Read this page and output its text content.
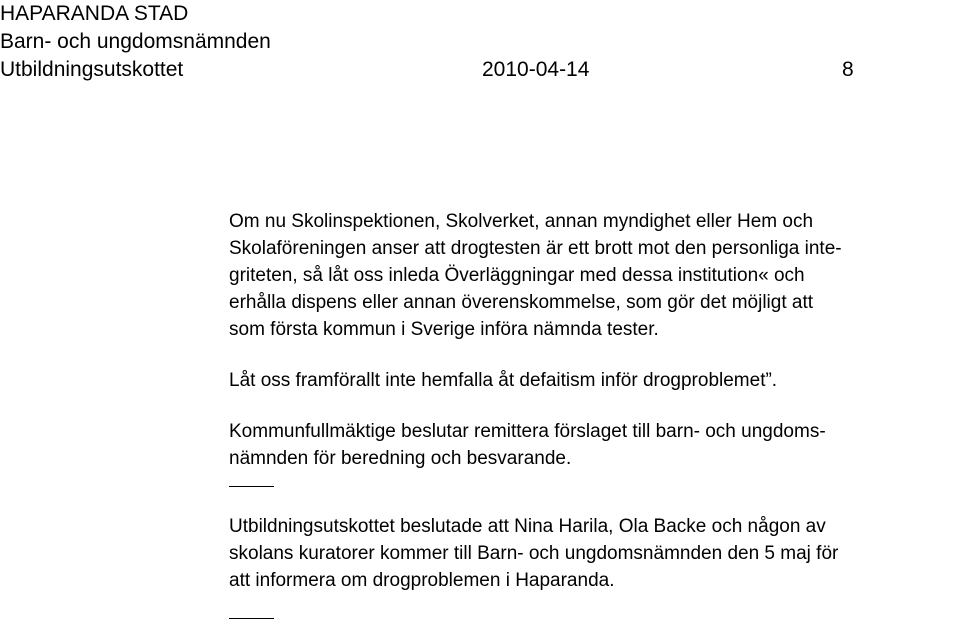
HAPARANDA STAD
Barn- och ungdomsnämnden
Utbildningsutskottet	2010-04-14	8

Om nu Skolinspektionen, Skolverket, annan myndighet eller Hem och
Skolaföreningen anser att drogtesten är ett brott mot den personliga inte-
griteten, så låt oss inleda Överläggningar med dessa institution« och
erhålla dispens eller annan överenskommelse, som gör det möjligt att
som första kommun i Sverige införa nämnda tester.

Låt oss framförallt inte hemfalla åt defaitism inför drogproblemet”.

Kommunfullmäktige beslutar remittera förslaget till barn- och ungdoms-
nämnden för beredning och besvarande.

Utbildningsutskottet beslutade att Nina Harila, Ola Backe och någon av
skolans kuratorer kommer till Barn- och ungdomsnämnden den 5 maj för
att informera om drogproblemen i Haparanda.
